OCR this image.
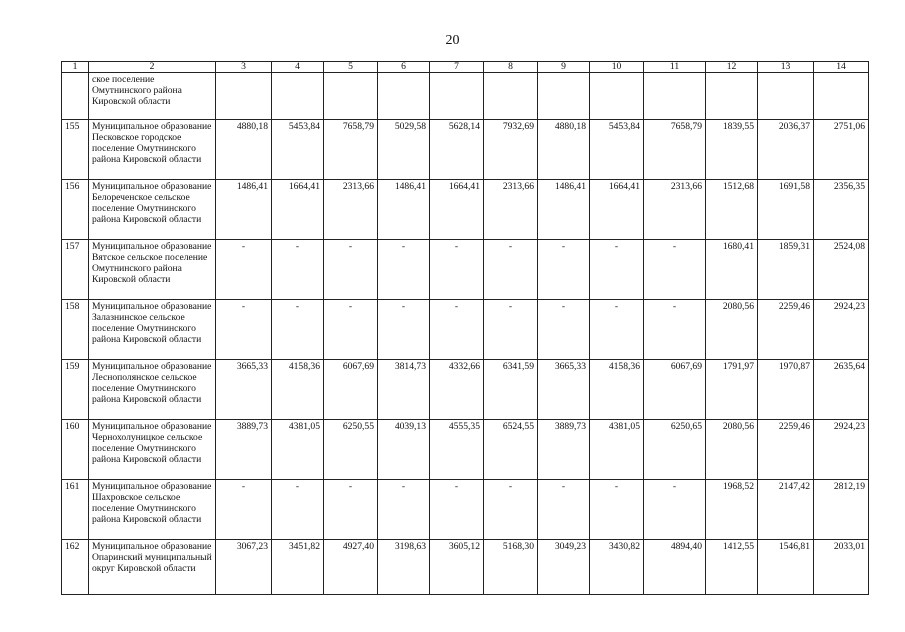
20
1	2	3	4	5	6	7	8	9	10	11	12	13	14
	ское поселение Омутнинского района Кировской области												
155	Муниципальное образование Песковское городское поселение Омутнинского района Кировской области	4880,18	5453,84	7658,79	5029,58	5628,14	7932,69	4880,18	5453,84	7658,79	1839,55	2036,37	2751,06
156	Муниципальное образование Белореченское сельское поселение Омутнинского района Кировской области	1486,41	1664,41	2313,66	1486,41	1664,41	2313,66	1486,41	1664,41	2313,66	1512,68	1691,58	2356,35
157	Муниципальное образование Вятское сельское поселение Омутнинского района Кировской области	-	-	-	-	-	-	-	-	-	1680,41	1859,31	2524,08
158	Муниципальное образование Залазнинское сельское поселение Омутнинского района Кировской области	-	-	-	-	-	-	-	-	-	2080,56	2259,46	2924,23
159	Муниципальное образование Леснополянское сельское поселение Омутнинского района Кировской области	3665,33	4158,36	6067,69	3814,73	4332,66	6341,59	3665,33	4158,36	6067,69	1791,97	1970,87	2635,64
160	Муниципальное образование Чернохолуницкое сельское поселение Омутнинского района Кировской области	3889,73	4381,05	6250,55	4039,13	4555,35	6524,55	3889,73	4381,05	6250,65	2080,56	2259,46	2924,23
161	Муниципальное образование Шахровское сельское поселение Омутнинского района Кировской области	-	-	-	-	-	-	-	-	-	1968,52	2147,42	2812,19
162	Муниципальное образование Опаринский муниципальный округ Кировской области	3067,23	3451,82	4927,40	3198,63	3605,12	5168,30	3049,23	3430,82	4894,40	1412,55	1546,81	2033,01
